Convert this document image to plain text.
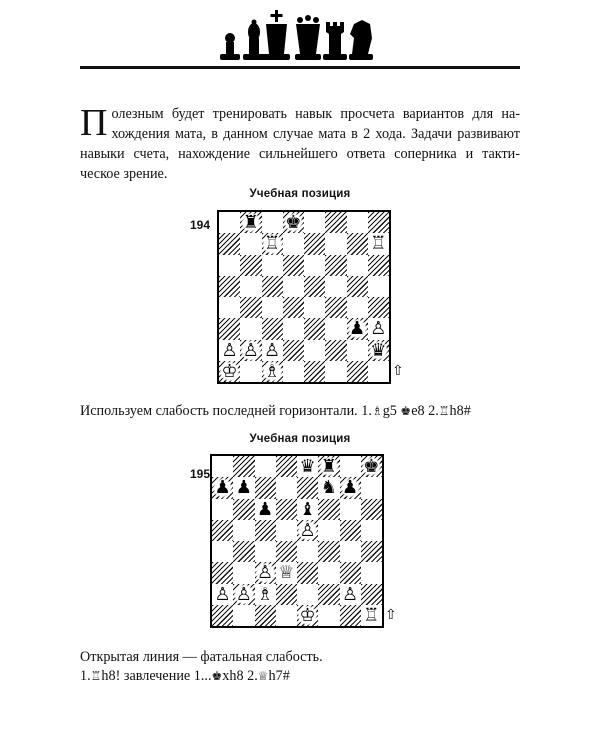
П олезным будет тренировать навык просчета вариантов для на-хождения мата, в данном случае мата в 2 хода. Задачи развивают навыки счета, нахождение сильнейшего ответа соперника и такти-ческое зрение.

Учебная позиция
194 ♜ ♚
♖	♖
♟ ♙
♙ ♙ ♙	♛
♔ ♗	⇧
Используем слабость последней горизонтали. 1.♗g5 ♚e8 2.♖h8#
Учебная позиция
195	♛ ♜ ♚
♟ ♟	♞ ♟
♟ ♝
♙
♙ ♕
♙ ♙ ♗	♙
♔	♖ ⇧
Открытая линия — фатальная слабость.
1.♖h8! завлечение 1...♚xh8 2.♕h7#
